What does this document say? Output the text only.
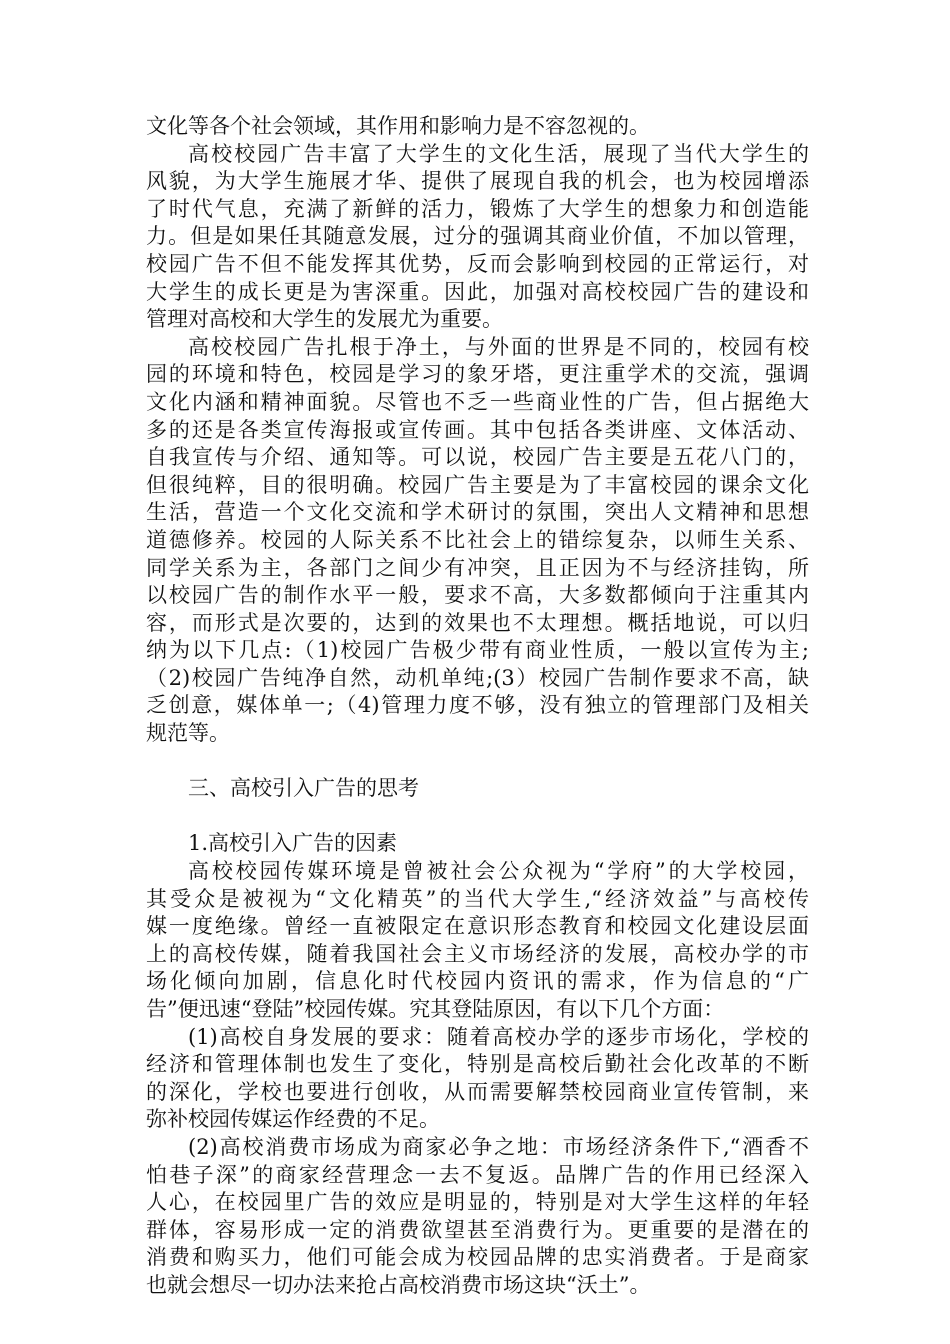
文化等各个社会领域，其作用和影响力是不容忽视的。
高校校园广告丰富了大学生的文化生活，展现了当代大学生的
风貌，为大学生施展才华、提供了展现自我的机会，也为校园增添
了时代气息，充满了新鲜的活力，锻炼了大学生的想象力和创造能
力。但是如果任其随意发展，过分的强调其商业价值，不加以管理，
校园广告不但不能发挥其优势，反而会影响到校园的正常运行，对
大学生的成长更是为害深重。因此，加强对高校校园广告的建设和
管理对高校和大学生的发展尤为重要。
高校校园广告扎根于净土，与外面的世界是不同的，校园有校
园的环境和特色，校园是学习的象牙塔，更注重学术的交流，强调
文化内涵和精神面貌。尽管也不乏一些商业性的广告，但占据绝大
多的还是各类宣传海报或宣传画。其中包括各类讲座、文体活动、
自我宣传与介绍、通知等。可以说，校园广告主要是五花八门的，
但很纯粹，目的很明确。校园广告主要是为了丰富校园的课余文化
生活，营造一个文化交流和学术研讨的氛围，突出人文精神和思想
道德修养。校园的人际关系不比社会上的错综复杂，以师生关系、
同学关系为主，各部门之间少有冲突，且正因为不与经济挂钩，所
以校园广告的制作水平一般，要求不高，大多数都倾向于注重其内
容，而形式是次要的，达到的效果也不太理想。概括地说，可以归
纳为以下几点:（1)校园广告极少带有商业性质，一般以宣传为主;
（2)校园广告纯净自然，动机单纯;(3）校园广告制作要求不高，缺
乏创意，媒体单一;（4)管理力度不够，没有独立的管理部门及相关
规范等。
三、高校引入广告的思考
1.高校引入广告的因素
高校校园传媒环境是曾被社会公众视为“学府”的大学校园，
其受众是被视为“文化精英”的当代大学生,“经济效益”与高校传
媒一度绝缘。曾经一直被限定在意识形态教育和校园文化建设层面
上的高校传媒，随着我国社会主义市场经济的发展，高校办学的市
场化倾向加剧，信息化时代校园内资讯的需求，作为信息的“广
告”便迅速“登陆”校园传媒。究其登陆原因，有以下几个方面：
(1)高校自身发展的要求：随着高校办学的逐步市场化，学校的
经济和管理体制也发生了变化，特别是高校后勤社会化改革的不断
的深化，学校也要进行创收，从而需要解禁校园商业宣传管制，来
弥补校园传媒运作经费的不足。
(2)高校消费市场成为商家必争之地：市场经济条件下,“酒香不
怕巷子深”的商家经营理念一去不复返。品牌广告的作用已经深入
人心，在校园里广告的效应是明显的，特别是对大学生这样的年轻
群体，容易形成一定的消费欲望甚至消费行为。更重要的是潜在的
消费和购买力，他们可能会成为校园品牌的忠实消费者。于是商家
也就会想尽一切办法来抢占高校消费市场这块“沃土”。
